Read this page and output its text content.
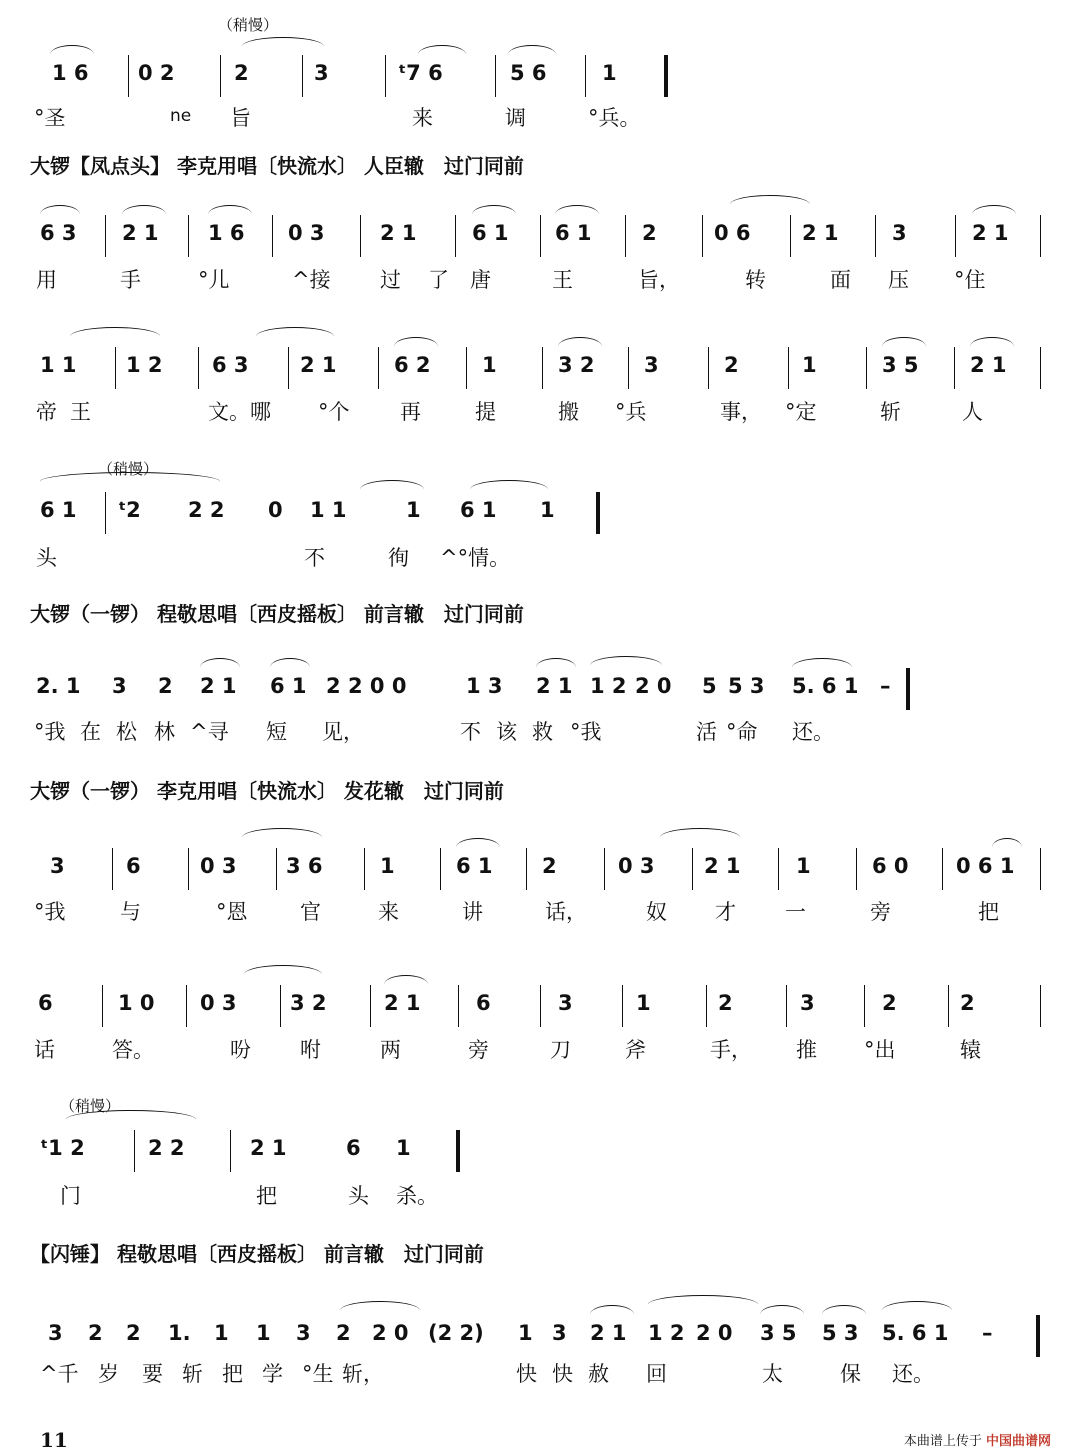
（稍慢）
1 6 0 2	2	3	ᵗ7 6	5 6	1
°圣	ne 旨	来	调	°兵。
大锣【凤点头】 李克用唱〔快流水〕 人臣辙　过门同前
6 3 2 1 1 6 0 3	2 1	6 1 6 1 2	0 6 2 1	3	2 1
用	手	°儿	^接 过 了 唐	王	旨，	转	面 压 °住
1 1 1 2 6 3 2 1	6 2 1	3 2 3	2	1	3 5 2 1
帝 王	文。哪 °个 再	提	搬 °兵	事， °定	斩	人
（稍慢）
6 1 ᵗ2 2 2 0 1 1	1 6 1 1
头	不	徇 ^°情。
大锣（一锣） 程敬思唱〔西皮摇板〕 前言辙　过门同前
2. 1 3 2 2 1 6 1 2 2 0 0	1 3 2 1 1 2 2 0 5 5 3 5. 6 1 –
°我 在 松 林 ^寻 短 见，	不 该 救 °我	活 °命 还。
大锣（一锣） 李克用唱〔快流水〕 发花辙　过门同前
3	6	0 3 3 6	1	6 1 2	0 3 2 1	1	6 0 0 6 1
°我	与	°恩	官	来	讲	话，	奴 才 一	旁	把
6	1 0 0 3	3 2	2 1	6	3	1	2	3	2	2
话	答。	吩 咐	两	旁	刀	斧	手， 推 °出	辕
（稍慢）
ᵗ1 2	2 2	2 1	6 1
门	把	头 杀。
【闪锤】 程敬思唱〔西皮摇板〕 前言辙　过门同前
3 2 2 1. 1 1 3 2 2 0 (2 2) 1 3 2 1 1 2 2 0 3 5 5 3 5. 6 1 –
^千 岁 要 斩 把 学 °生 斩，	快 快 赦 回	太	保 还。
11	本曲谱上传于 中国曲谱网
